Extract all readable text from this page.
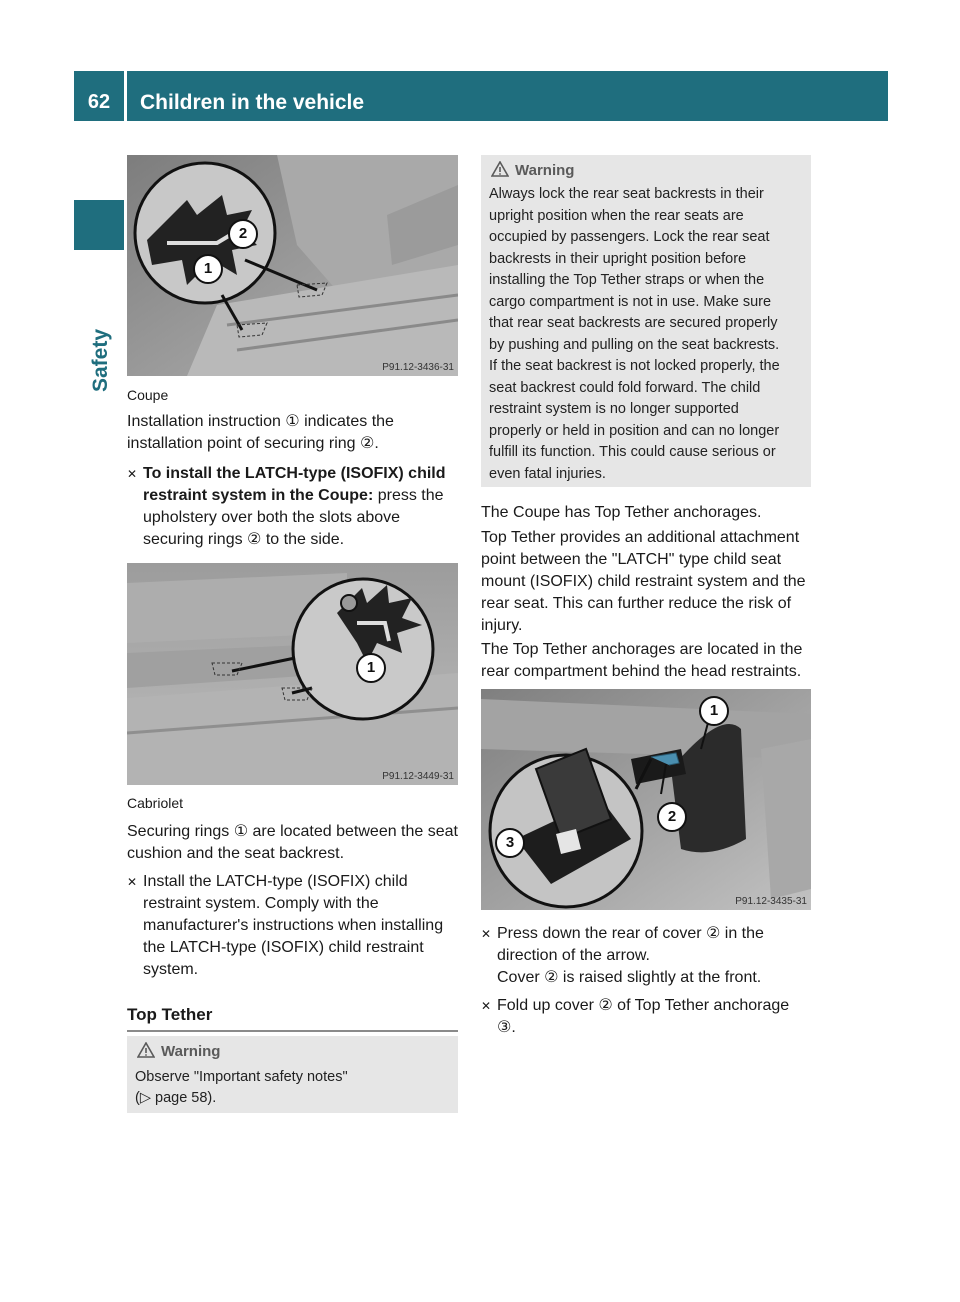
62	Children in the vehicle
Safety
1
2
P91.12-3436-31
Coupe
Installation instruction ① indicates the installation point of securing ring ②.
✕ To install the LATCH-type (ISOFIX) child restraint system in the Coupe: press the upholstery over both the slots above securing rings ② to the side.
1
P91.12-3449-31
Cabriolet
Securing rings ① are located between the seat cushion and the seat backrest.
✕ Install the LATCH-type (ISOFIX) child restraint system. Comply with the manufacturer's instructions when installing the LATCH-type (ISOFIX) child restraint system.
Top Tether
Warning
Observe "Important safety notes"
(▷ page 58).
Warning
Always lock the rear seat backrests in their
upright position when the rear seats are
occupied by passengers. Lock the rear seat
backrests in their upright position before
installing the Top Tether straps or when the
cargo compartment is not in use. Make sure
that rear seat backrests are secured properly
by pushing and pulling on the seat backrests.
If the seat backrest is not locked properly, the
seat backrest could fold forward. The child
restraint system is no longer supported
properly or held in position and can no longer
fulfill its function. This could cause serious or
even fatal injuries.
The Coupe has Top Tether anchorages.
Top Tether provides an additional attachment point between the "LATCH" type child seat mount (ISOFIX) child restraint system and the rear seat. This can further reduce the risk of injury.
The Top Tether anchorages are located in the rear compartment behind the head restraints.
1
2
3
P91.12-3435-31
✕ Press down the rear of cover ② in the direction of the arrow.
Cover ② is raised slightly at the front.
✕ Fold up cover ② of Top Tether anchorage ③.
